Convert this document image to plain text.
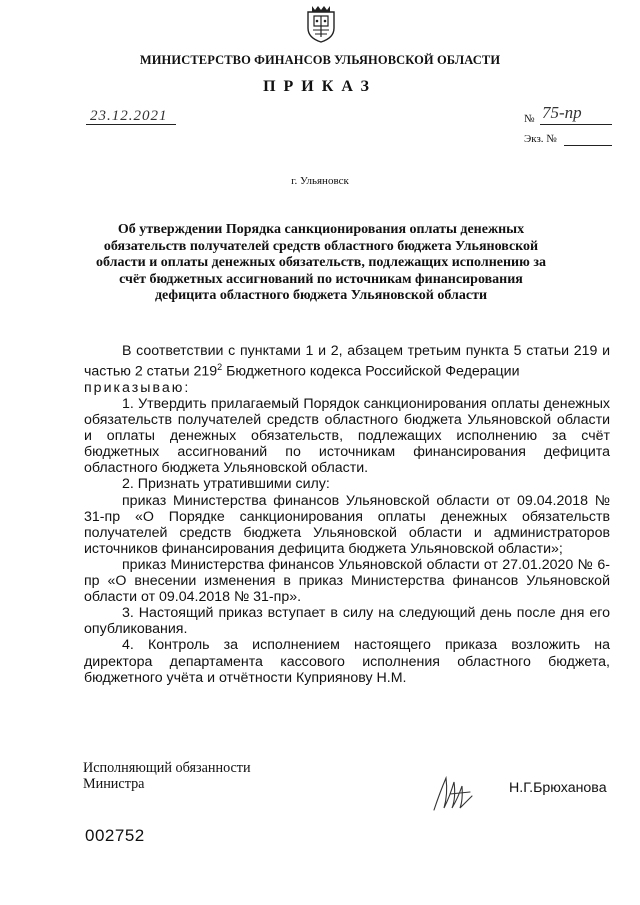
МИНИСТЕРСТВО ФИНАНСОВ УЛЬЯНОВСКОЙ ОБЛАСТИ
ПРИКАЗ
23.12.2021	№ 75-пр
Экз. №
г. Ульяновск
Об утверждении Порядка санкционирования оплаты денежных обязательств получателей средств областного бюджета Ульяновской области и оплаты денежных обязательств, подлежащих исполнению за счёт бюджетных ассигнований по источникам финансирования дефицита областного бюджета Ульяновской области

В соответствии с пунктами 1 и 2, абзацем третьим пункта 5 статьи 219 и частью 2 статьи $219^2$ Бюджетного кодекса Российской Федерации

приказываю:

1. Утвердить прилагаемый Порядок санкционирования оплаты денежных обязательств получателей средств областного бюджета Ульяновской области и оплаты денежных обязательств, подлежащих исполнению за счёт бюджетных ассигнований по источникам финансирования дефицита областного бюджета Ульяновской области.

2. Признать утратившими силу:

приказ Министерства финансов Ульяновской области от 09.04.2018 № 31-пр «О Порядке санкционирования оплаты денежных обязательств получателей средств бюджета Ульяновской области и администраторов источников финансирования дефицита бюджета Ульяновской области»;

приказ Министерства финансов Ульяновской области от 27.01.2020 № 6-пр «О внесении изменения в приказ Министерства финансов Ульяновской области от 09.04.2018 № 31-пр».

3. Настоящий приказ вступает в силу на следующий день после дня его опубликования.

4. Контроль за исполнением настоящего приказа возложить на директора департамента кассового исполнения областного бюджета, бюджетного учёта и отчётности Куприянову Н.М.

Исполняющий обязанности
Министра	Н.Г.Брюханова
002752
